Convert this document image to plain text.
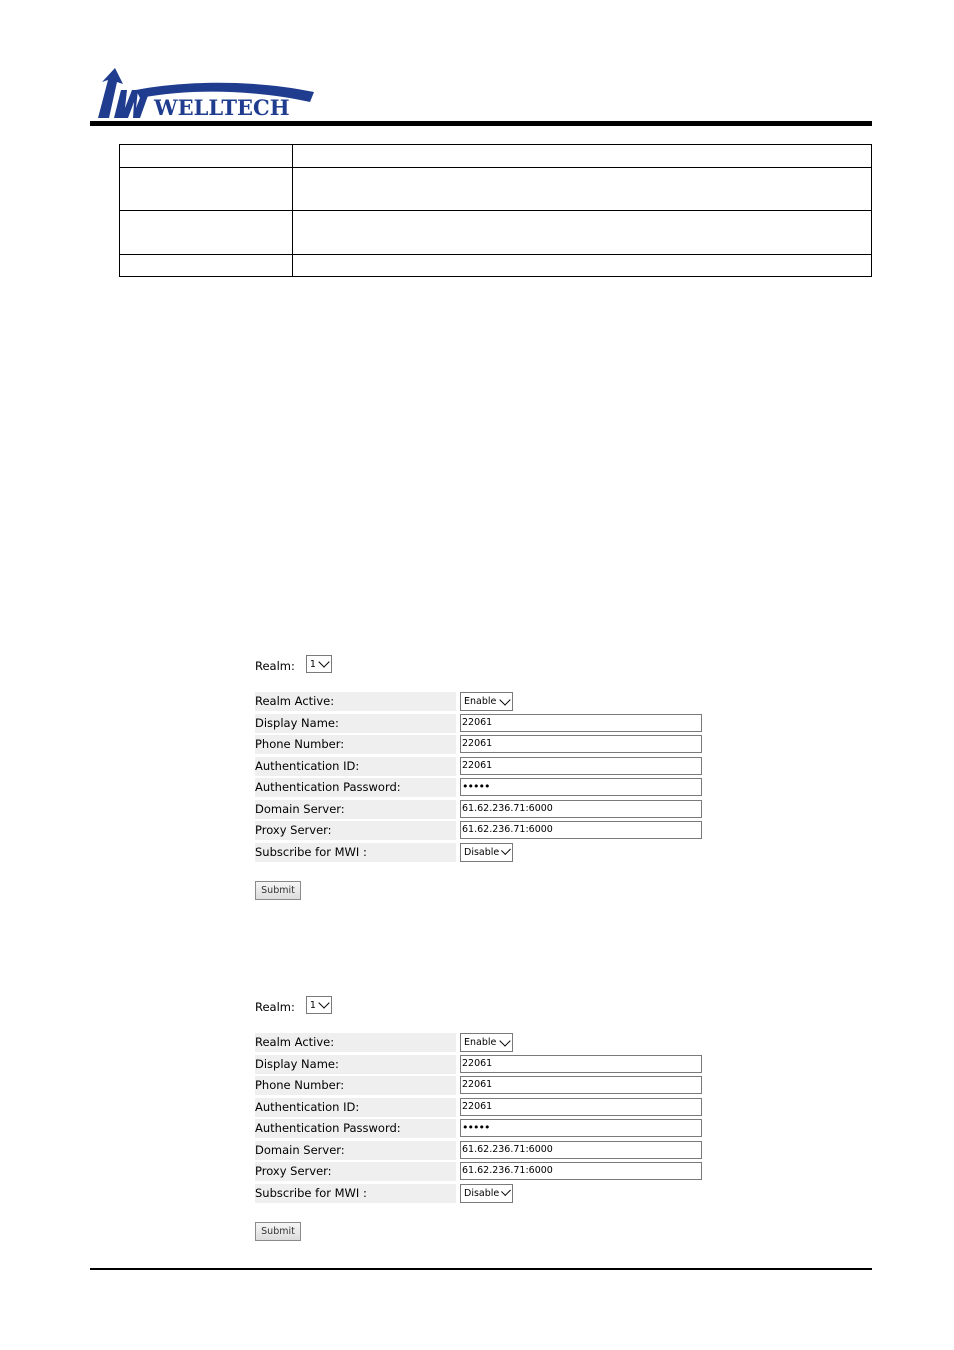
WELLTECH

Realm: 1
Realm Active:	Enable
Display Name:	22061
Phone Number:	22061
Authentication ID:	22061
Authentication Password:	•••••
Domain Server:	61.62.236.71:6000
Proxy Server:	61.62.236.71:6000
Subscribe for MWI :	Disable
Submit
Realm: 1
Realm Active:	Enable
Display Name:	22061
Phone Number:	22061
Authentication ID:	22061
Authentication Password:	•••••
Domain Server:	61.62.236.71:6000
Proxy Server:	61.62.236.71:6000
Subscribe for MWI :	Disable
Submit
